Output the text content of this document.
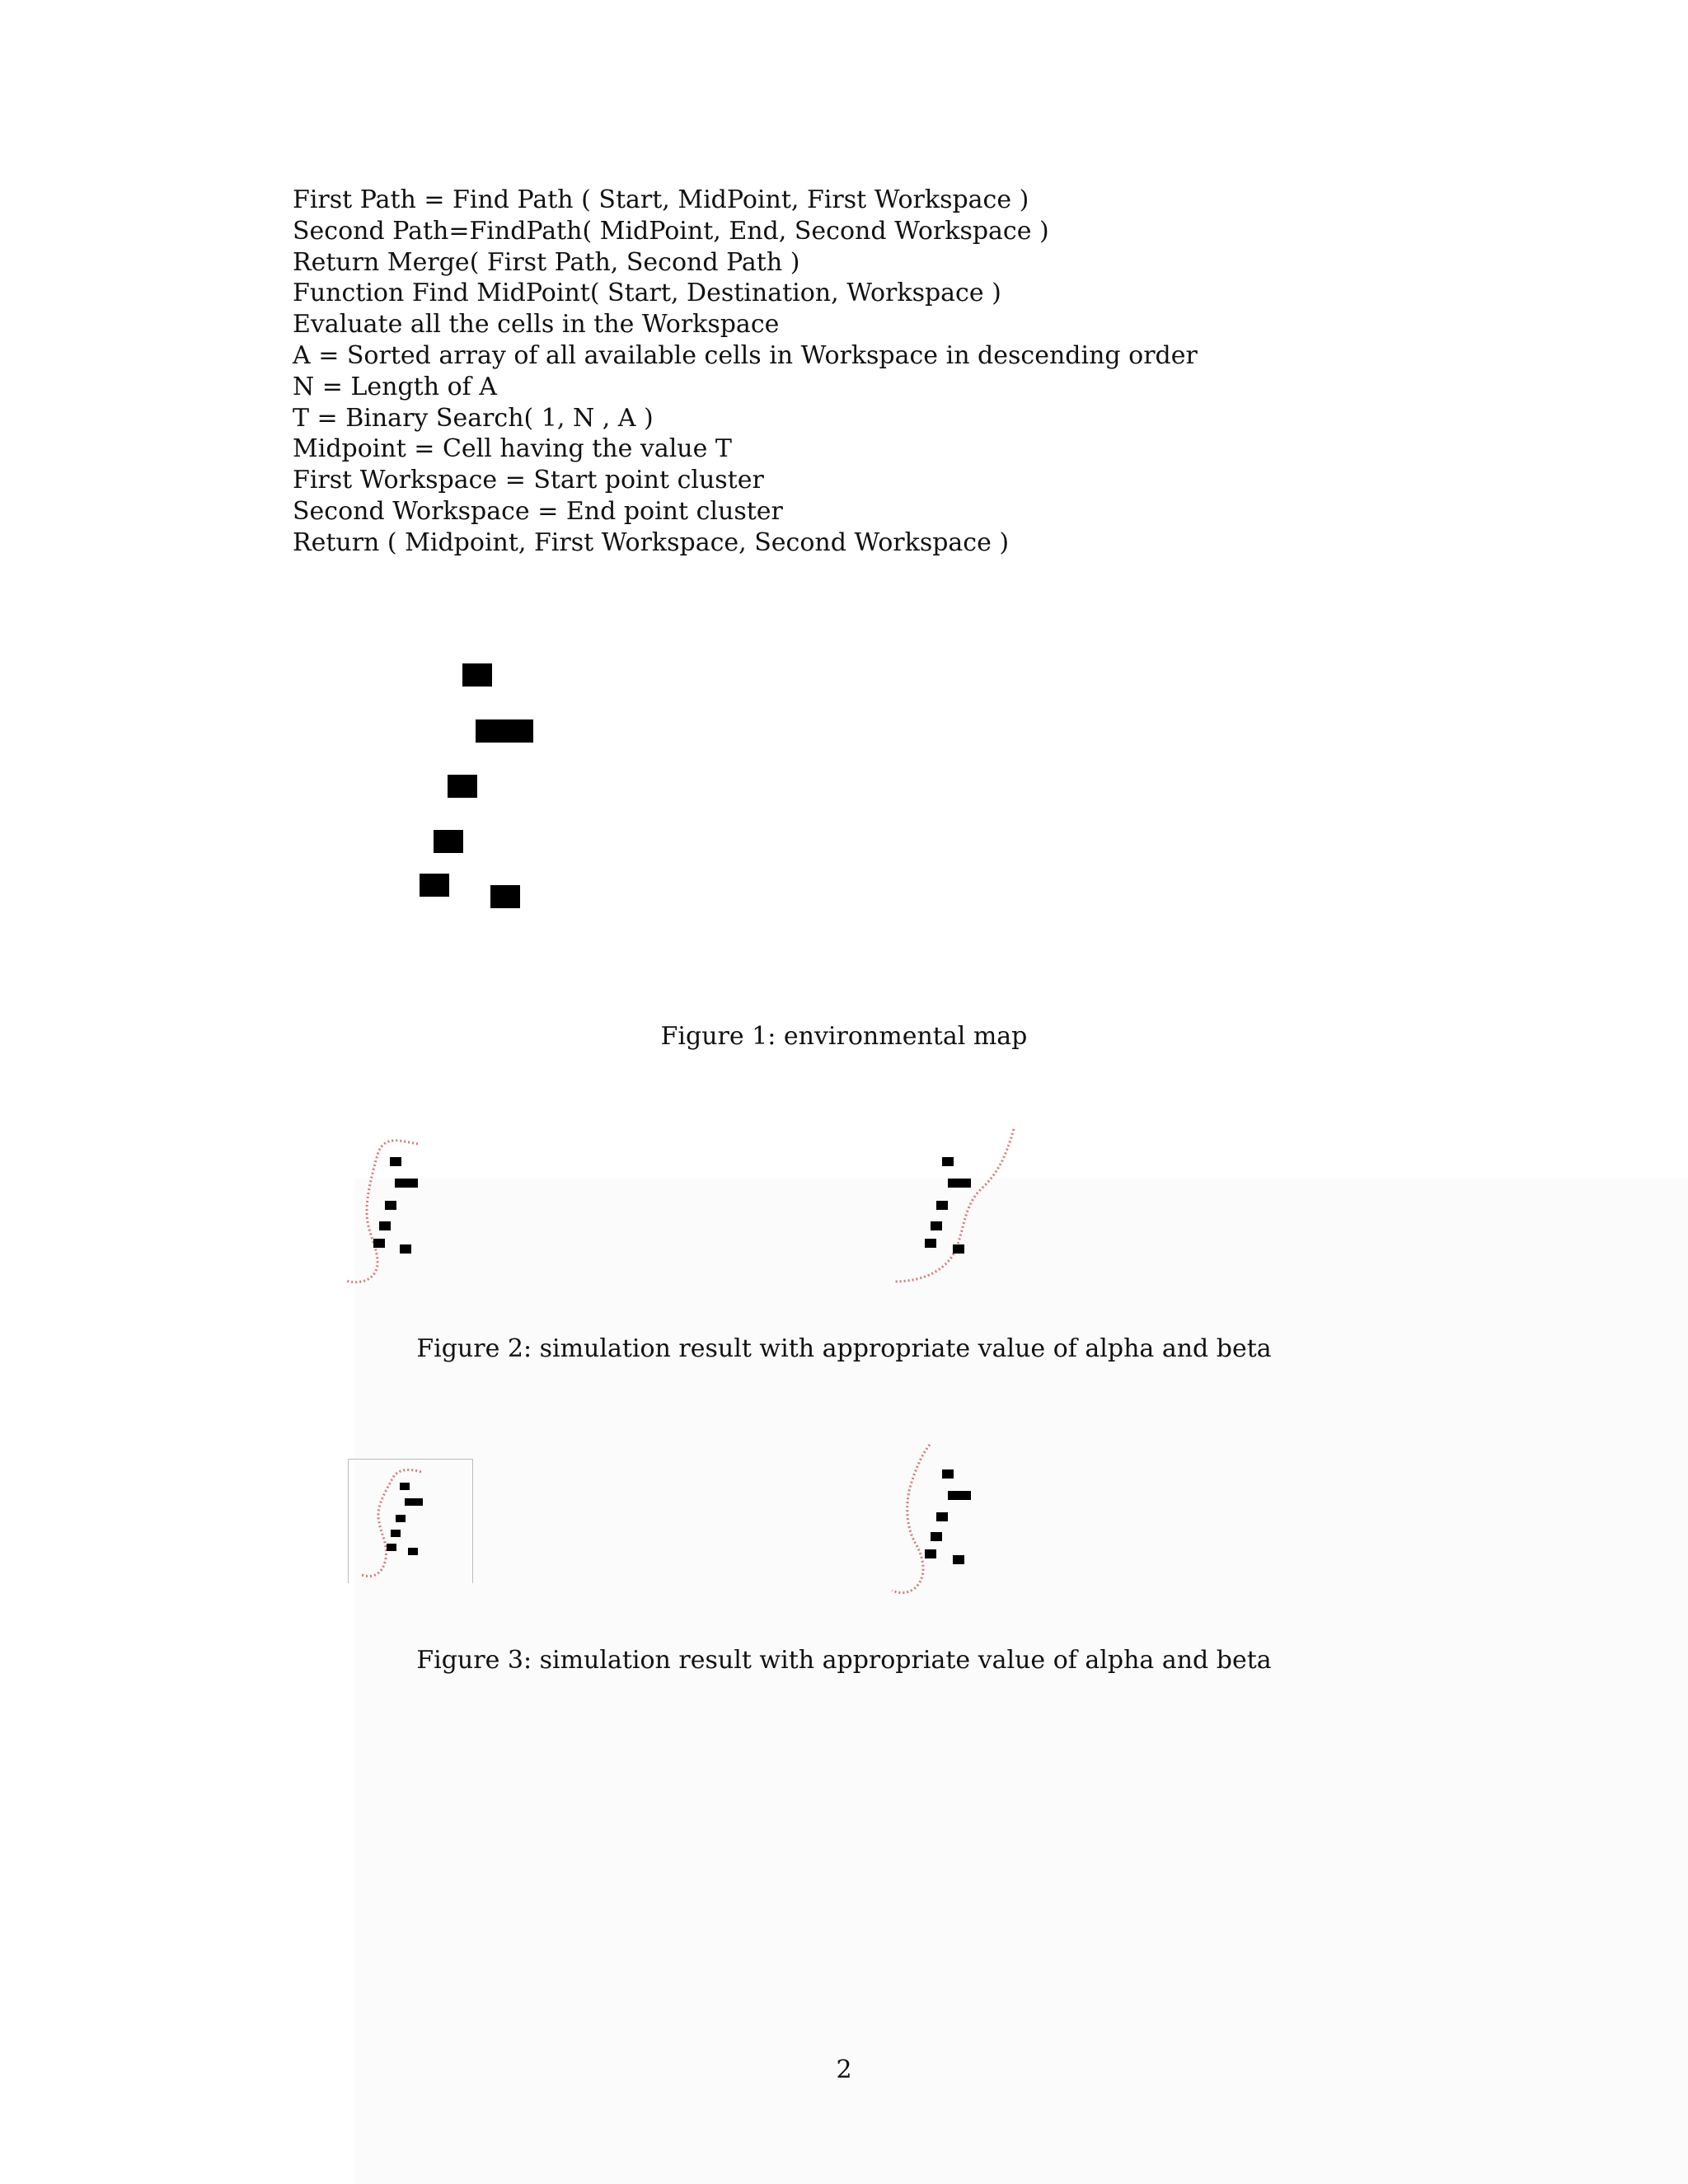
First Path = Find Path ( Start, MidPoint, First Workspace )
Second Path=FindPath( MidPoint, End, Second Workspace )
Return Merge( First Path, Second Path )
Function Find MidPoint( Start, Destination, Workspace )
Evaluate all the cells in the Workspace
A = Sorted array of all available cells in Workspace in descending order
N = Length of A
T = Binary Search( 1, N , A )
Midpoint = Cell having the value T
First Workspace = Start point cluster
Second Workspace = End point cluster
Return ( Midpoint, First Workspace, Second Workspace )
Figure 1: environmental map
Figure 2: simulation result with appropriate value of alpha and beta
Figure 3: simulation result with appropriate value of alpha and beta
2
